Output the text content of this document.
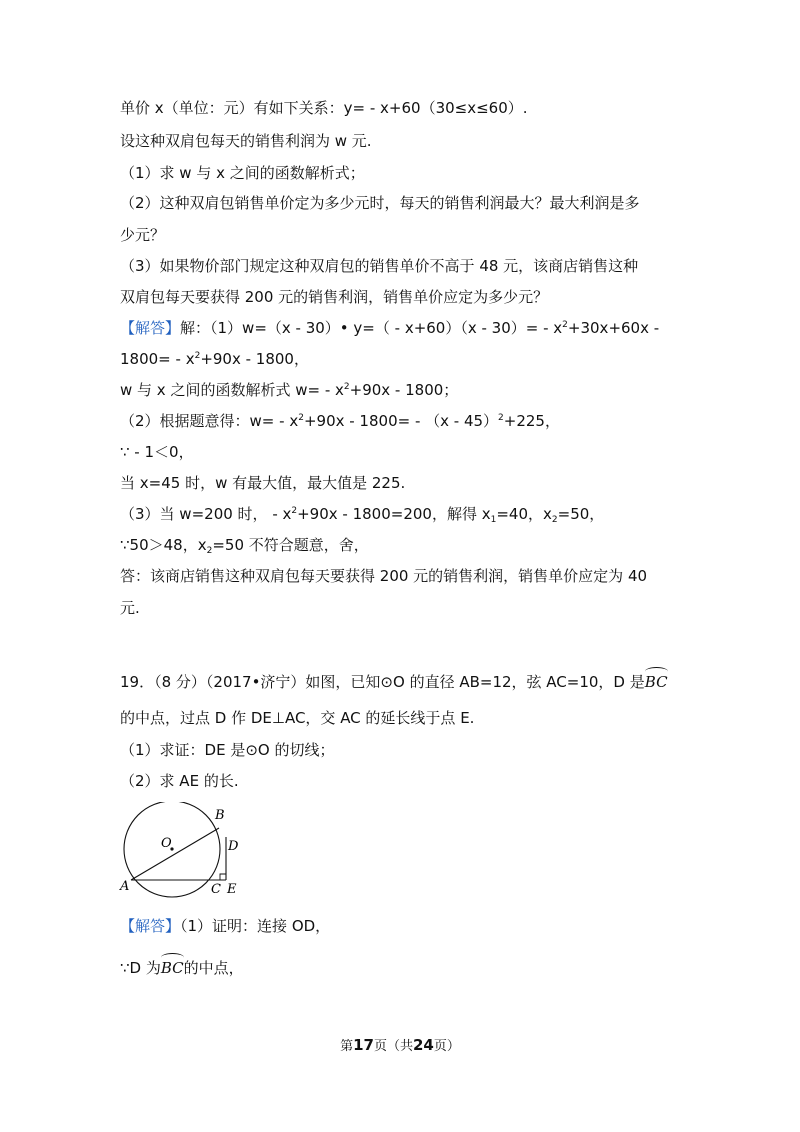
单价 x（单位：元）有如下关系：y= - x+60（30≤x≤60）.
设这种双肩包每天的销售利润为 w 元.
（1）求 w 与 x 之间的函数解析式；
（2）这种双肩包销售单价定为多少元时，每天的销售利润最大？最大利润是多
少元？
（3）如果物价部门规定这种双肩包的销售单价不高于 48 元，该商店销售这种
双肩包每天要获得 200 元的销售利润，销售单价应定为多少元？
【解答】解：（1）w=（x - 30）• $y=( - x+60)(x - 30)= - x^2+30x+60x$ -
$1800= - x^2+90x - 1800$，
w 与 x 之间的函数解析式 $w= - x^2+90x - 1800$；
（2）根据题意得：$w= - x^2+90x - 1800= - (x - 45)^2+225$，
∵ - 1＜0，
当 x=45 时，w 有最大值，最大值是 225.
（3）当 w=200 时， - $x^2+90x - 1800=200$，解得 $x_1=40$，$x_2=50$，
∵50＞48，$x_2=50$ 不符合题意，舍，
答：该商店销售这种双肩包每天要获得 200 元的销售利润，销售单价应定为 40
元.
19．（8 分）（2017•济宁）如图，已知⊙O 的直径 AB=12，弦 AC=10，D 是BC
的中点，过点 D 作 DE⊥AC，交 AC 的延长线于点 E.
（1）求证：DE 是⊙O 的切线；
（2）求 AE 的长.
A
B
O	D
C E
【解答】（1）证明：连接 OD，
∵D 为BC的中点，
第17页（共24页）
